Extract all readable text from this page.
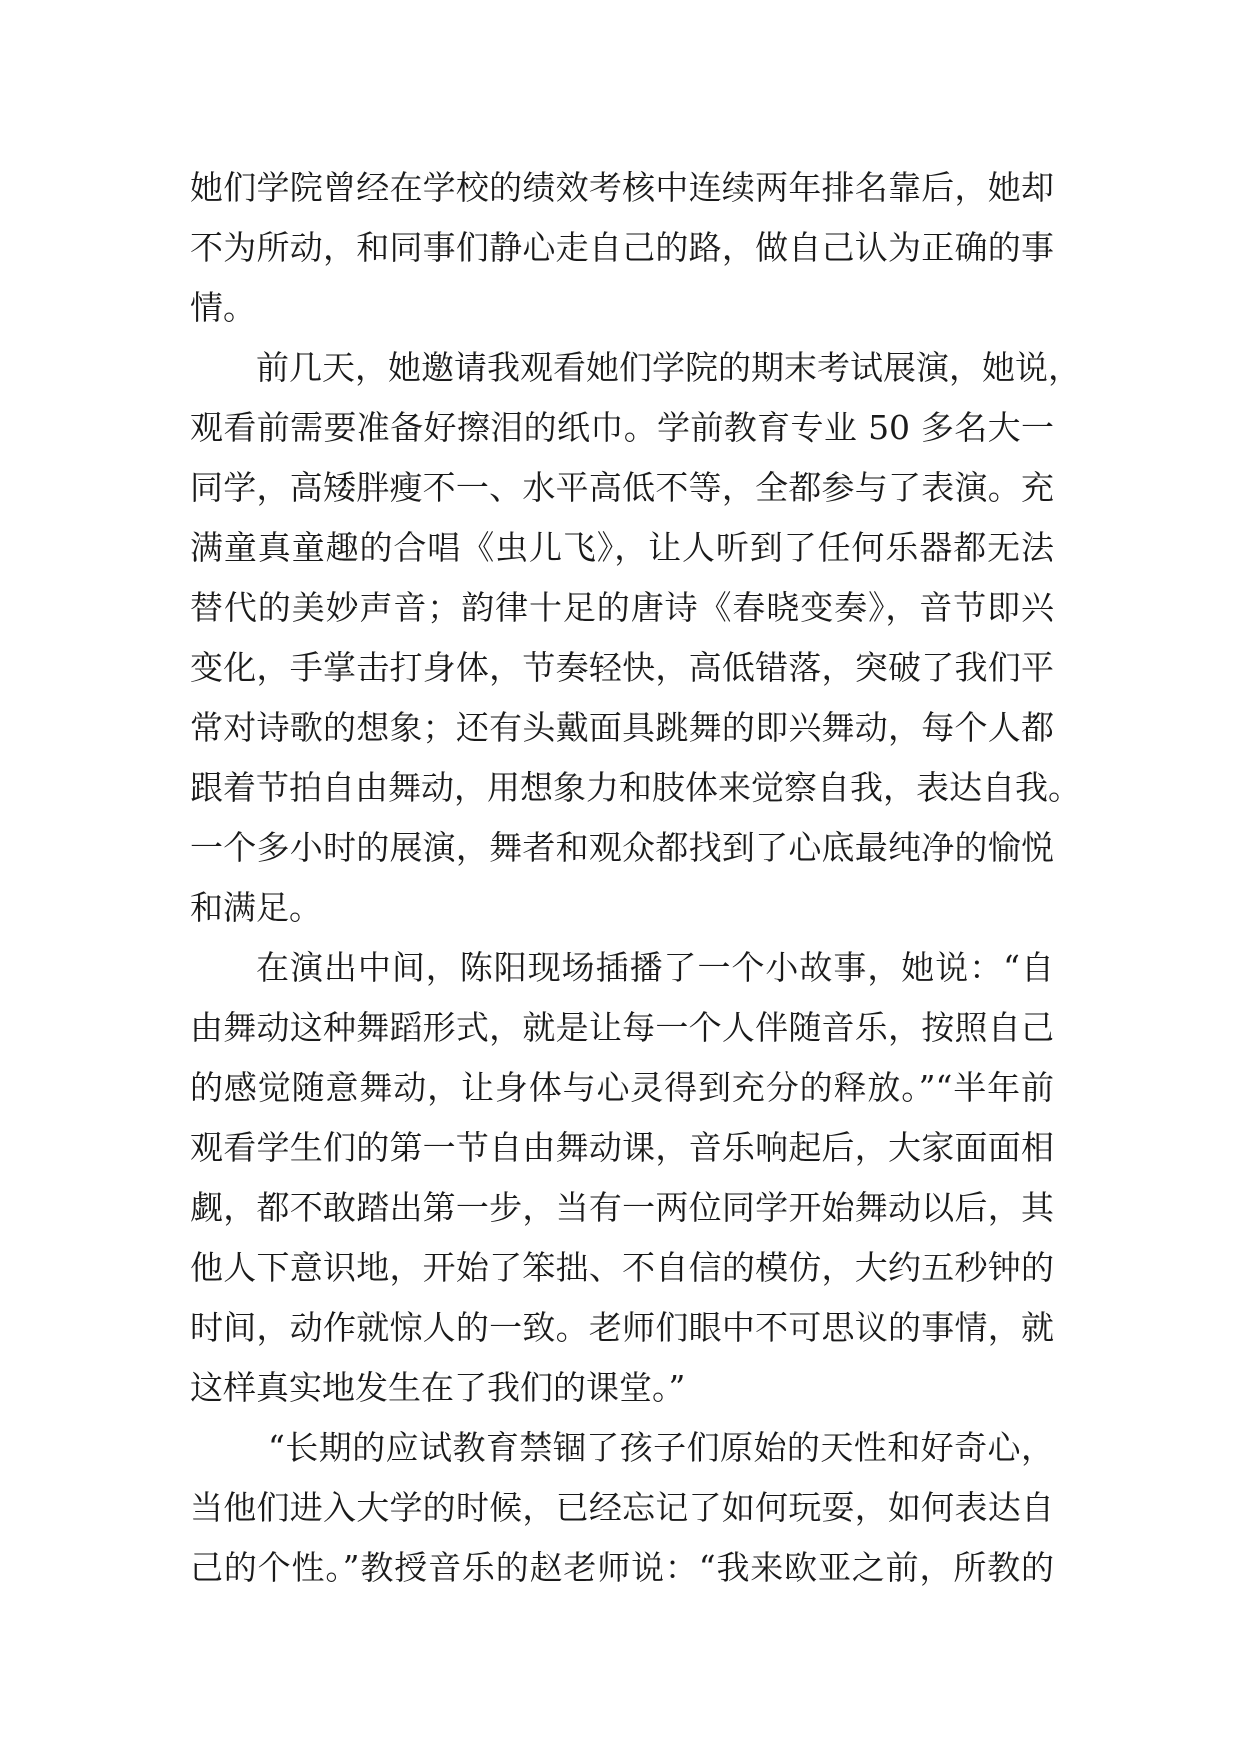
她们学院曾经在学校的绩效考核中连续两年排名靠后，她却
不为所动，和同事们静心走自己的路，做自己认为正确的事
情。
前几天，她邀请我观看她们学院的期末考试展演，她说，
观看前需要准备好擦泪的纸巾。学前教育专业 50 多名大一
同学，高矮胖瘦不一、水平高低不等，全都参与了表演。充
满童真童趣的合唱《虫儿飞》，让人听到了任何乐器都无法
替代的美妙声音；韵律十足的唐诗《春晓变奏》，音节即兴
变化，手掌击打身体，节奏轻快，高低错落，突破了我们平
常对诗歌的想象；还有头戴面具跳舞的即兴舞动，每个人都
跟着节拍自由舞动，用想象力和肢体来觉察自我，表达自我。
一个多小时的展演，舞者和观众都找到了心底最纯净的愉悦
和满足。
在演出中间，陈阳现场插播了一个小故事，她说：“自
由舞动这种舞蹈形式，就是让每一个人伴随音乐，按照自己
的感觉随意舞动，让身体与心灵得到充分的释放。”“半年前
观看学生们的第一节自由舞动课，音乐响起后，大家面面相
觑，都不敢踏出第一步，当有一两位同学开始舞动以后，其
他人下意识地，开始了笨拙、不自信的模仿，大约五秒钟的
时间，动作就惊人的一致。老师们眼中不可思议的事情，就
这样真实地发生在了我们的课堂。”
“长期的应试教育禁锢了孩子们原始的天性和好奇心，
当他们进入大学的时候，已经忘记了如何玩耍，如何表达自
己的个性。”教授音乐的赵老师说：“我来欧亚之前，所教的
